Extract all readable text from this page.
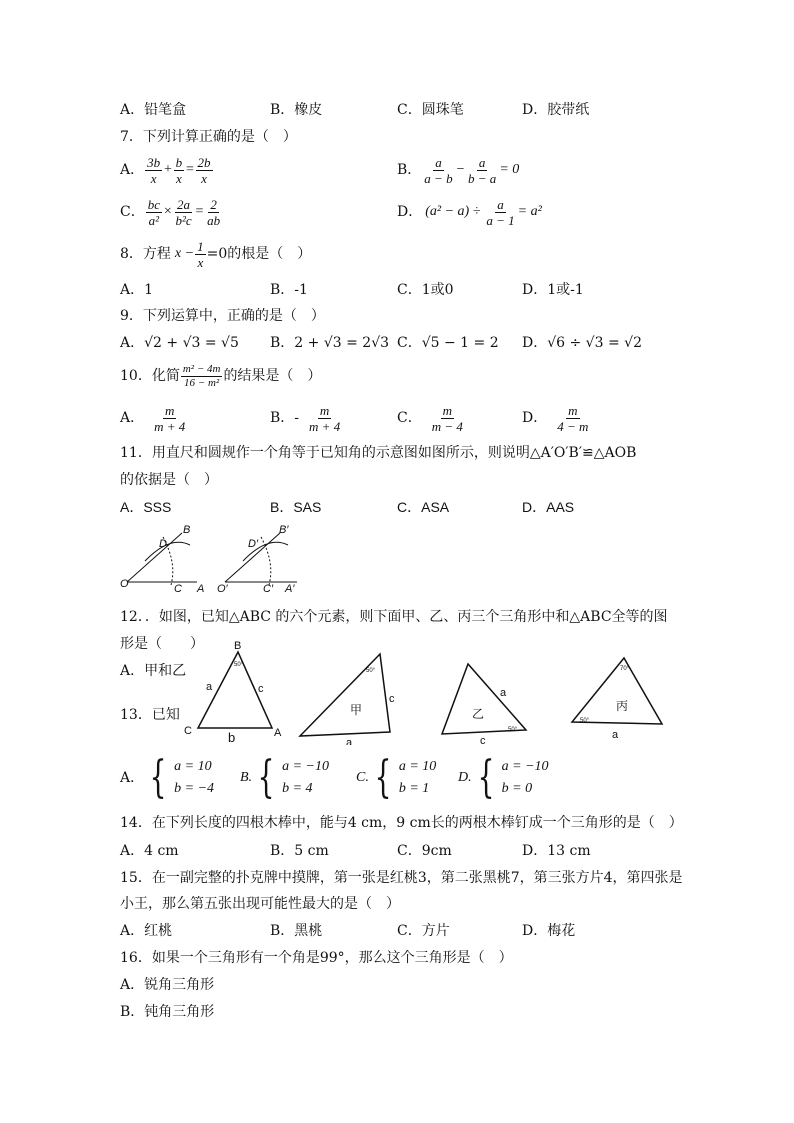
A．铅笔盒	B．橡皮	C．圆珠笔	D．胶带纸
7．下列计算正确的是（　）
A． $\frac{3b}{x} + \frac{b}{x} = \frac{2b}{x}$	B． $\frac{a}{a - b} - \frac{a}{b - a} = 0$
C． $\frac{bc}{\text{a²}} \times \frac{2a}{\text{b²c}} = \frac{2}{ab}$	D． $(a^2 - a) \div \frac{a}{a - 1} = a^2$
8．方程 $x - \frac{1}{x} =0$的根是（　）
A．1	B．-1	C．1或0	D．1或-1
9．下列运算中，正确的是（　）
A．√2 + √3 = √5 B．2 + √3 = 2√3 C．√5 − 1 = 2 D．√6 ÷ √3 = √2
10．化简 $\frac{\text{m² − 4m}}{\text{16 − m²}}$ 的结果是（　）
A． $\frac{m}{m + 4}$	B．- $\frac{m}{m + 4}$	C． $\frac{m}{m - 4}$	D． $\frac{m}{4 - m}$
11．用直尺和圆规作一个角等于已知角的示意图如图所示，则说明△A′O′B′≌△AOB
的依据是（　）
A．SSS	B．SAS	C．ASA	D．AAS
O	C A
D
B
O′	C′ A′
D′
B′
12．．如图，已知△ABC 的六个元素，则下面甲、乙、丙三个三角形中和△ABC全等的图
形是（　　）
A．甲和乙
13．已知
B
50°
C	A
a	c
b
50°
甲
c
a
乙
a
50°
c
70°
丙
50°
a
A． { a = 10
b = −4
B. { a = −10
b = 4
C. { a = 10
b = 1
D. { a = −10
b = 0
14．在下列长度的四根木棒中，能与4 cm，9 cm长的两根木棒钉成一个三角形的是（　）
A．4 cm	B．5 cm	C．9cm	D．13 cm
15．在一副完整的扑克牌中摸牌，第一张是红桃3，第二张黑桃7，第三张方片4，第四张是
小王，那么第五张出现可能性最大的是（　）
A．红桃	B．黑桃	C．方片	D．梅花
16．如果一个三角形有一个角是99°，那么这个三角形是（　）
A．锐角三角形
B．钝角三角形
